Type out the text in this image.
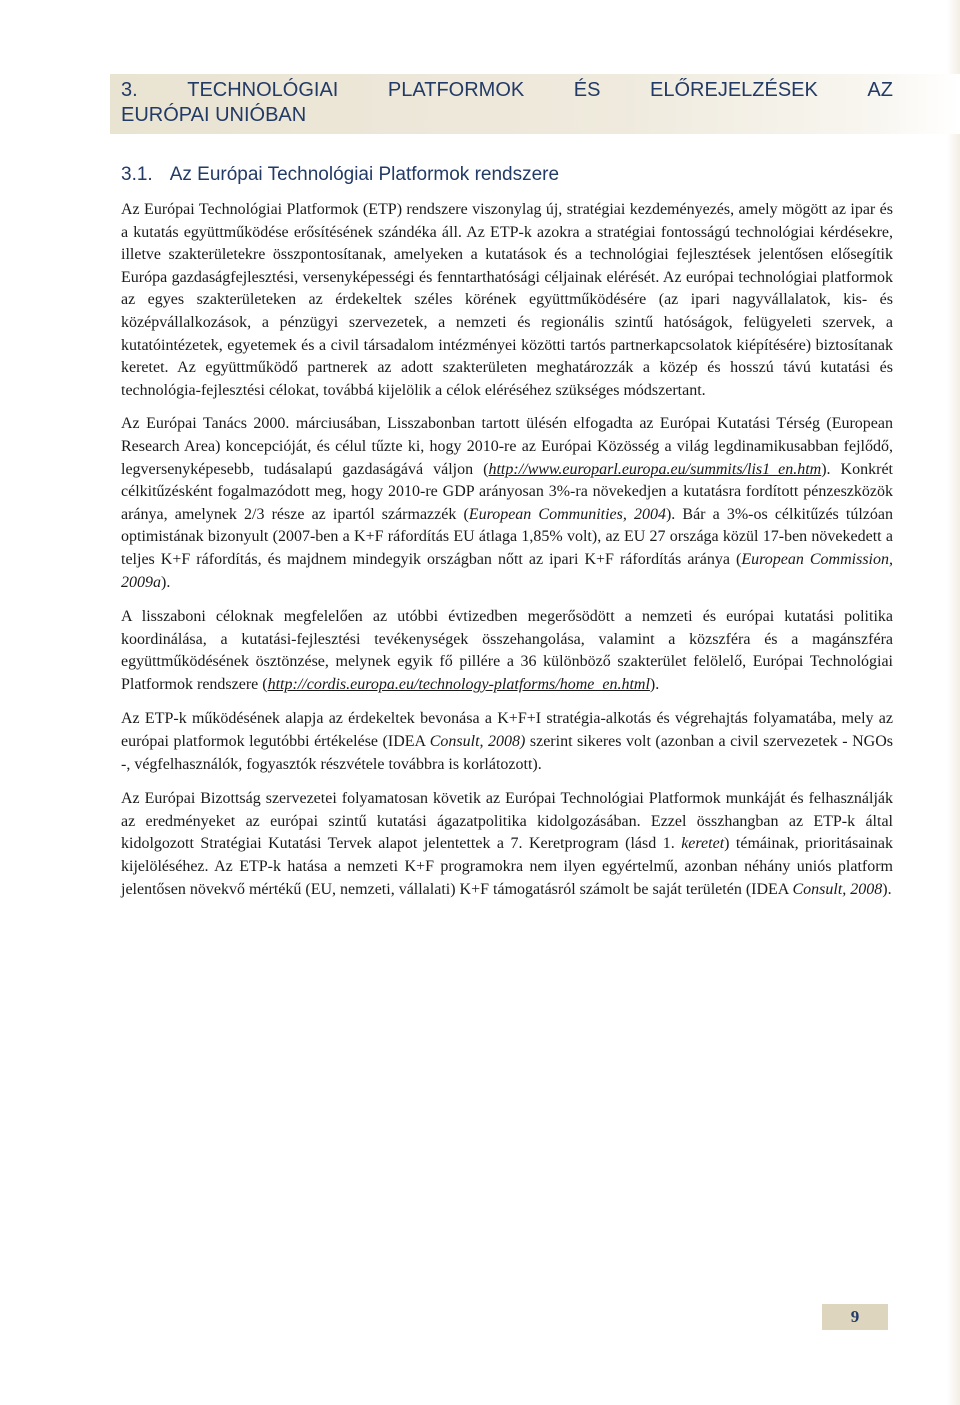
3. TECHNOLÓGIAI PLATFORMOK ÉS ELŐREJELZÉSEK AZ
EURÓPAI UNIÓBAN
3.1. Az Európai Technológiai Platformok rendszere

Az Európai Technológiai Platformok (ETP) rendszere viszonylag új, stratégiai kezdeményezés, amely mögött az ipar és a kutatás együttműködése erősítésének szándéka áll. Az ETP-k azokra a stratégiai fontosságú technológiai kérdésekre, illetve szakterületekre összpontosítanak, amelyeken a kutatások és a technológiai fejlesztések jelentősen elősegítik Európa gazdaságfejlesztési, versenyképességi és fenntarthatósági céljainak elérését. Az európai technológiai platformok az egyes szakterületeken az érdekeltek széles körének együttműködésére (az ipari nagyvállalatok, kis- és középvállalkozások, a pénzügyi szervezetek, a nemzeti és regionális szintű hatóságok, felügyeleti szervek, a kutatóintézetek, egyetemek és a civil társadalom intézményei közötti tartós partnerkapcsolatok kiépítésére) biztosítanak keretet. Az együttműködő partnerek az adott szakterületen meghatározzák a közép és hosszú távú kutatási és technológia-fejlesztési célokat, továbbá kijelölik a célok eléréséhez szükséges módszertant.

Az Európai Tanács 2000. márciusában, Lisszabonban tartott ülésén elfogadta az Európai Kutatási Térség (European Research Area) koncepcióját, és célul tűzte ki, hogy 2010-re az Európai Közösség a világ legdinamikusabban fejlődő, legversenyképesebb, tudásalapú gazdaságává váljon (http://www.europarl.europa.eu/summits/lis1_en.htm). Konkrét célkitűzésként fogalmazódott meg, hogy 2010-re GDP arányosan 3%-ra növekedjen a kutatásra fordított pénzeszközök aránya, amelynek 2/3 része az ipartól származzék (European Communities, 2004). Bár a 3%-os célkitűzés túlzóan optimistának bizonyult (2007-ben a K+F ráfordítás EU átlaga 1,85% volt), az EU 27 országa közül 17-ben növekedett a teljes K+F ráfordítás, és majdnem mindegyik országban nőtt az ipari K+F ráfordítás aránya (European Commission, 2009a).

A lisszaboni céloknak megfelelően az utóbbi évtizedben megerősödött a nemzeti és európai kutatási politika koordinálása, a kutatási-fejlesztési tevékenységek összehangolása, valamint a közszféra és a magánszféra együttműködésének ösztönzése, melynek egyik fő pillére a 36 különböző szakterület felölelő, Európai Technológiai Platformok rendszere (http://cordis.europa.eu/technology-platforms/home_en.html).

Az ETP-k működésének alapja az érdekeltek bevonása a K+F+I stratégia-alkotás és végrehajtás folyamatába, mely az európai platformok legutóbbi értékelése (IDEA Consult, 2008) szerint sikeres volt (azonban a civil szervezetek - NGOs -, végfelhasználók, fogyasztók részvétele továbbra is korlátozott).

Az Európai Bizottság szervezetei folyamatosan követik az Európai Technológiai Platformok munkáját és felhasználják az eredményeket az európai szintű kutatási ágazatpolitika kidolgozásában. Ezzel összhangban az ETP-k által kidolgozott Stratégiai Kutatási Tervek alapot jelentettek a 7. Keretprogram (lásd 1. keretet) témáinak, prioritásainak kijelöléséhez. Az ETP-k hatása a nemzeti K+F programokra nem ilyen egyértelmű, azonban néhány uniós platform jelentősen növekvő mértékű (EU, nemzeti, vállalati) K+F támogatásról számolt be saját területén (IDEA Consult, 2008).

9
